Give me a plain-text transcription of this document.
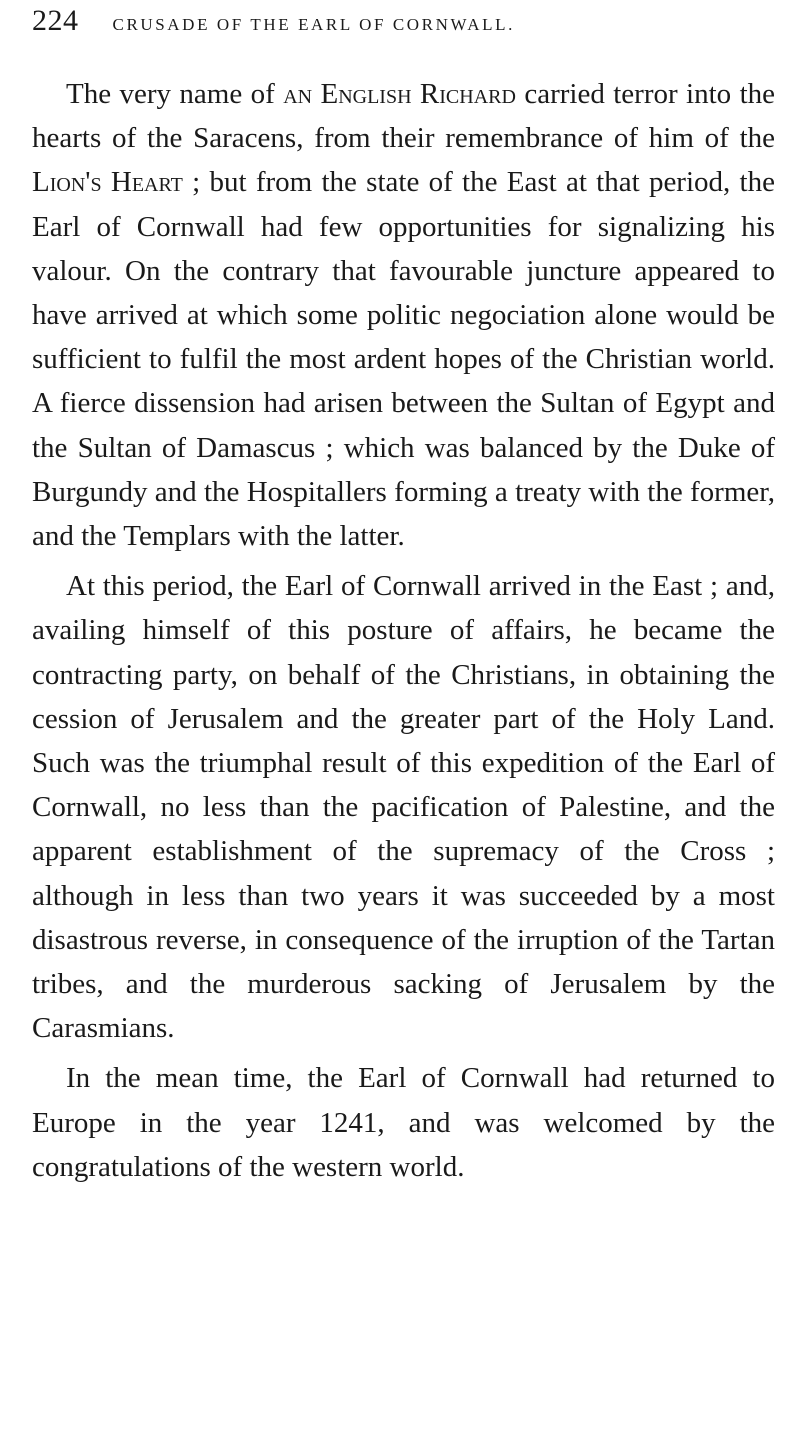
224 CRUSADE OF THE EARL OF CORNWALL.

The very name of an English Richard carried terror into the hearts of the Saracens, from their remembrance of him of the Lion's Heart ; but from the state of the East at that period, the Earl of Cornwall had few opportunities for signalizing his valour. On the contrary that favourable juncture appeared to have arrived at which some politic negociation alone would be sufficient to fulfil the most ardent hopes of the Christian world. A fierce dissension had arisen between the Sultan of Egypt and the Sultan of Damascus ; which was balanced by the Duke of Burgundy and the Hospitallers forming a treaty with the former, and the Templars with the latter.

At this period, the Earl of Cornwall arrived in the East ; and, availing himself of this posture of affairs, he became the contracting party, on behalf of the Christians, in obtaining the cession of Jerusalem and the greater part of the Holy Land. Such was the triumphal result of this expedition of the Earl of Cornwall, no less than the pacification of Palestine, and the apparent establishment of the supremacy of the Cross ; although in less than two years it was succeeded by a most disastrous reverse, in consequence of the irruption of the Tartan tribes, and the murderous sacking of Jerusalem by the Carasmians.

In the mean time, the Earl of Cornwall had returned to Europe in the year 1241, and was welcomed by the congratulations of the western world.
